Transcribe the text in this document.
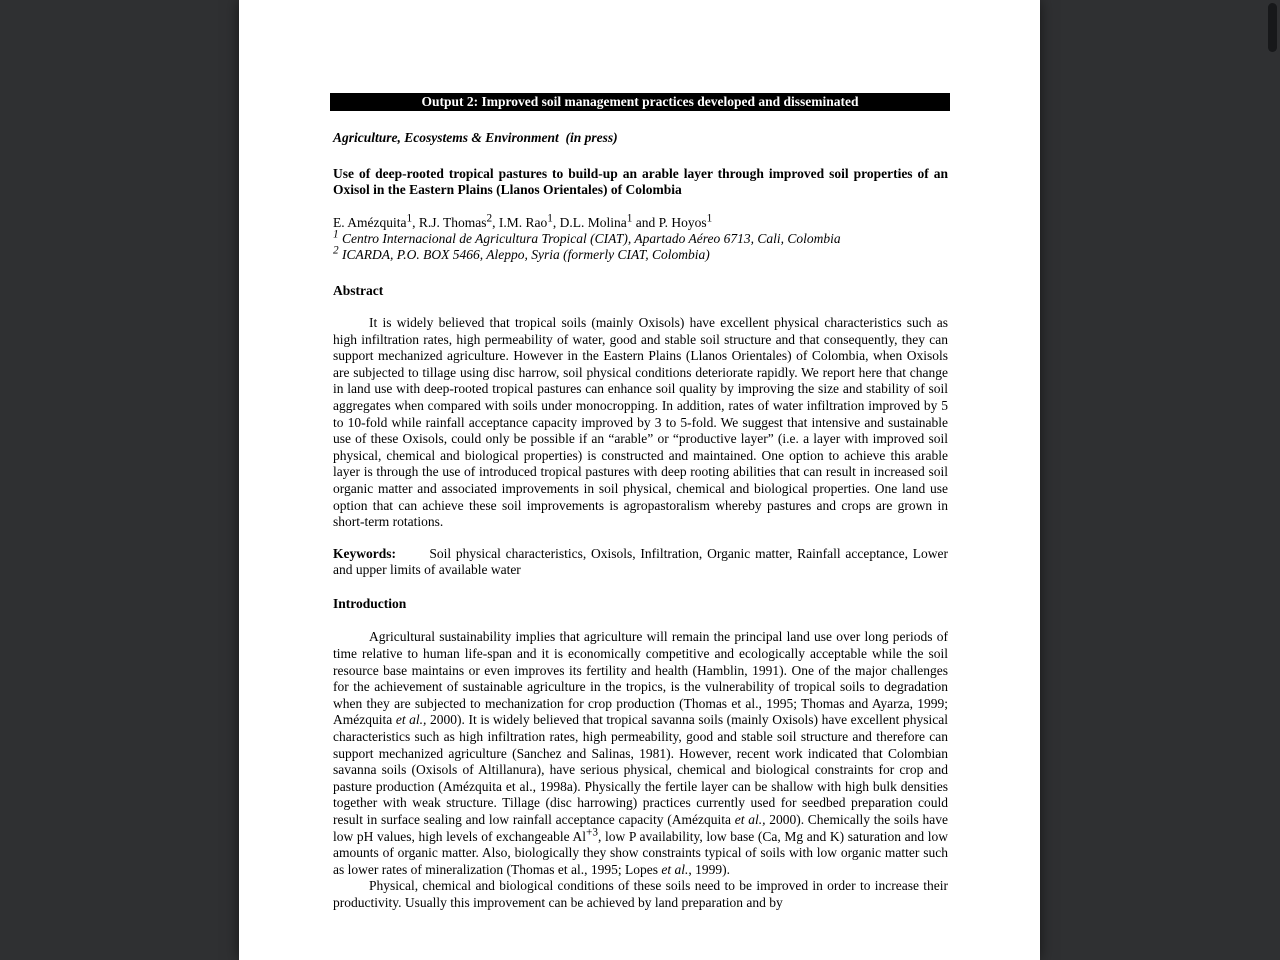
Output 2: Improved soil management practices developed and disseminated
Agriculture, Ecosystems & Environment  (in press)
Use of deep-rooted tropical pastures to build-up an arable layer through improved soil properties of an Oxisol in the Eastern Plains (Llanos Orientales) of Colombia
E. Amézquita$^1$, R.J. Thomas$^2$, I.M. Rao$^1$, D.L. Molina$^1$ and P. Hoyos$^1$
$^1$ Centro Internacional de Agricultura Tropical (CIAT), Apartado Aéreo 6713, Cali, Colombia
$^2$ ICARDA, P.O. BOX 5466, Aleppo, Syria (formerly CIAT, Colombia)
Abstract
It is widely believed that tropical soils (mainly Oxisols) have excellent physical characteristics such as high infiltration rates, high permeability of water, good and stable soil structure and that consequently, they can support mechanized agriculture. However in the Eastern Plains (Llanos Orientales) of Colombia, when Oxisols are subjected to tillage using disc harrow, soil physical conditions deteriorate rapidly. We report here that change in land use with deep-rooted tropical pastures can enhance soil quality by improving the size and stability of soil aggregates when compared with soils under monocropping. In addition, rates of water infiltration improved by 5 to 10-fold while rainfall acceptance capacity improved by 3 to 5-fold. We suggest that intensive and sustainable use of these Oxisols, could only be possible if an “arable” or “productive layer” (i.e. a layer with improved soil physical, chemical and biological properties) is constructed and maintained. One option to achieve this arable layer is through the use of introduced tropical pastures with deep rooting abilities that can result in increased soil organic matter and associated improvements in soil physical, chemical and biological properties. One land use option that can achieve these soil improvements is agropastoralism whereby pastures and crops are grown in short-term rotations.
Keywords:       Soil physical characteristics, Oxisols, Infiltration, Organic matter, Rainfall acceptance, Lower and upper limits of available water
Introduction
Agricultural sustainability implies that agriculture will remain the principal land use over long periods of time relative to human life-span and it is economically competitive and ecologically acceptable while the soil resource base maintains or even improves its fertility and health (Hamblin, 1991). One of the major challenges for the achievement of sustainable agriculture in the tropics, is the vulnerability of tropical soils to degradation when they are subjected to mechanization for crop production (Thomas et al., 1995; Thomas and Ayarza, 1999; Amézquita et al., 2000). It is widely believed that tropical savanna soils (mainly Oxisols) have excellent physical characteristics such as high infiltration rates, high permeability, good and stable soil structure and therefore can support mechanized agriculture (Sanchez and Salinas, 1981). However, recent work indicated that Colombian savanna soils (Oxisols of Altillanura), have serious physical, chemical and biological constraints for crop and pasture production (Amézquita et al., 1998a). Physically the fertile layer can be shallow with high bulk densities together with weak structure. Tillage (disc harrowing) practices currently used for seedbed preparation could result in surface sealing and low rainfall acceptance capacity (Amézquita et al., 2000). Chemically the soils have low pH values, high levels of exchangeable $Al^{+3}$, low P availability, low base (Ca, Mg and K) saturation and low amounts of organic matter. Also, biologically they show constraints typical of soils with low organic matter such as lower rates of mineralization (Thomas et al., 1995; Lopes et al., 1999).
Physical, chemical and biological conditions of these soils need to be improved in order to increase their productivity. Usually this improvement can be achieved by land preparation and by
